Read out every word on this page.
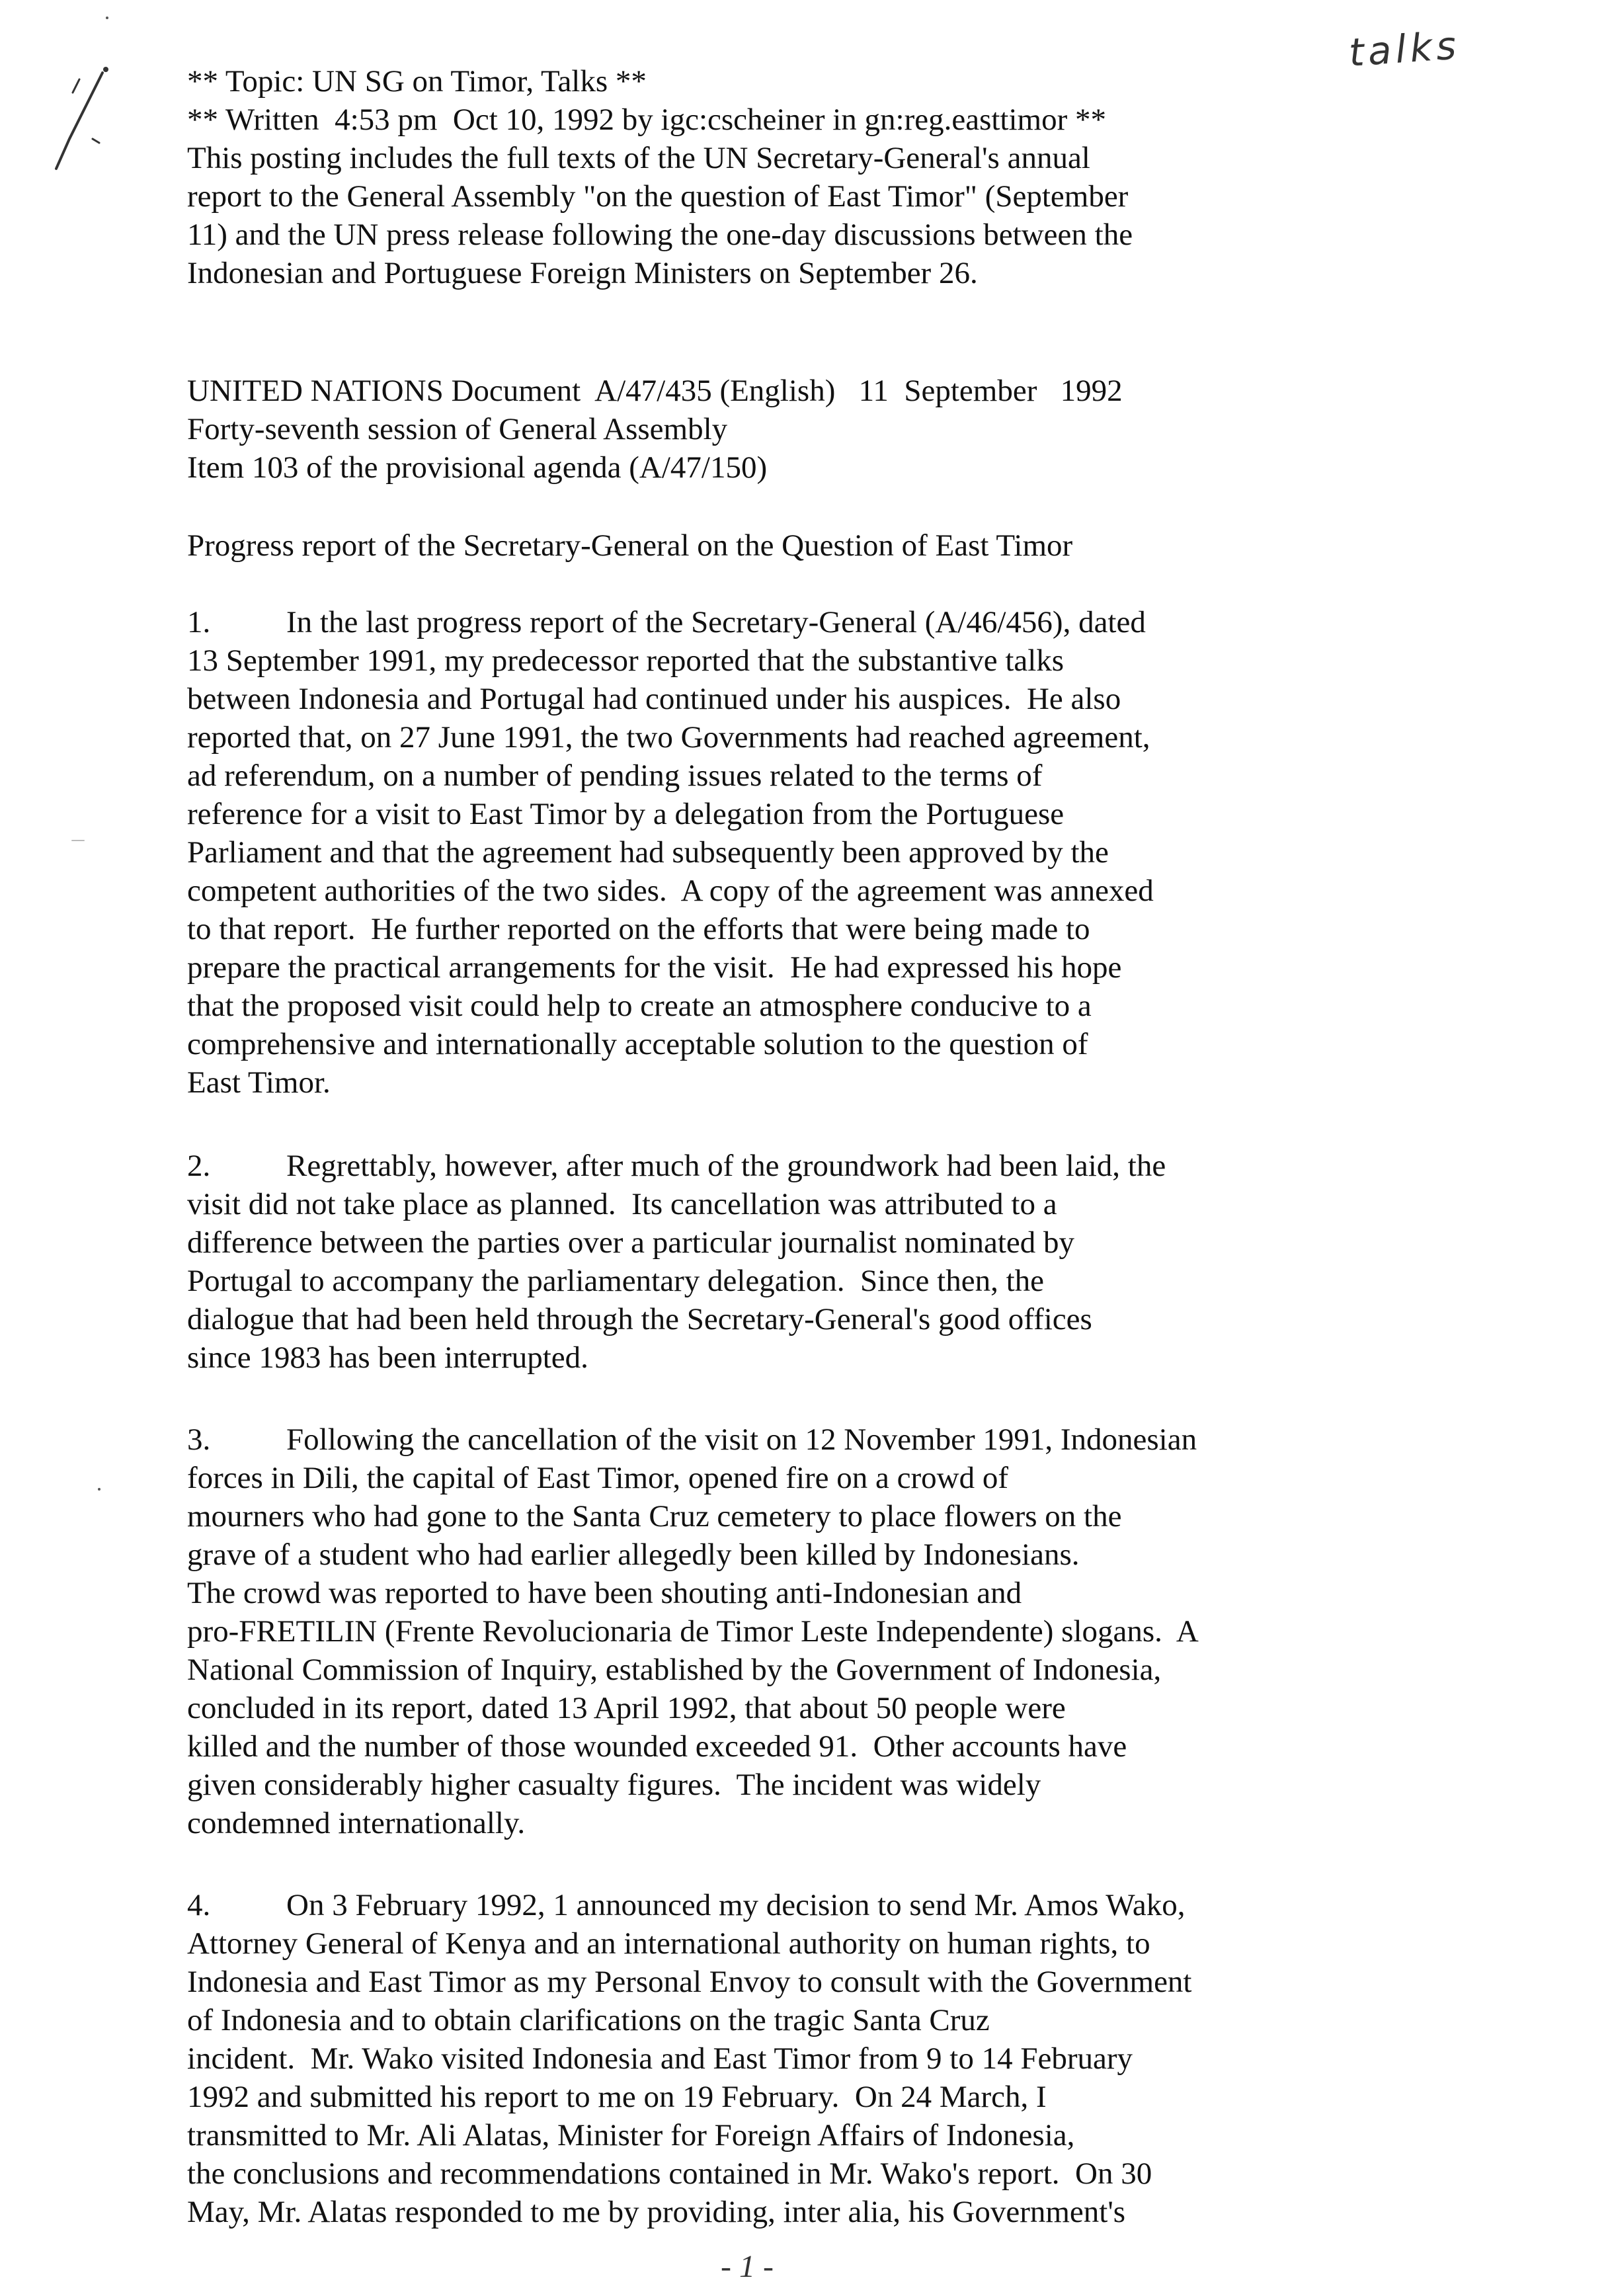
talks

** Topic: UN SG on Timor, Talks **

** Written  4:53 pm  Oct 10, 1992 by igc:cscheiner in gn:reg.easttimor **

This posting includes the full texts of the UN Secretary-General's annual

report to the General Assembly "on the question of East Timor" (September

11) and the UN press release following the one-day discussions between the

Indonesian and Portuguese Foreign Ministers on September 26.

UNITED NATIONS Document  A/47/435 (English)   11  September   1992

Forty-seventh session of General Assembly

Item 103 of the provisional agenda (A/47/150)

Progress report of the Secretary-General on the Question of East Timor

1. In the last progress report of the Secretary-General (A/46/456), dated

13 September 1991, my predecessor reported that the substantive talks

between Indonesia and Portugal had continued under his auspices.  He also

reported that, on 27 June 1991, the two Governments had reached agreement,

ad referendum, on a number of pending issues related to the terms of

reference for a visit to East Timor by a delegation from the Portuguese

Parliament and that the agreement had subsequently been approved by the

competent authorities of the two sides.  A copy of the agreement was annexed

to that report.  He further reported on the efforts that were being made to

prepare the practical arrangements for the visit.  He had expressed his hope

that the proposed visit could help to create an atmosphere conducive to a

comprehensive and internationally acceptable solution to the question of

East Timor.

2. Regrettably, however, after much of the groundwork had been laid, the

visit did not take place as planned.  Its cancellation was attributed to a

difference between the parties over a particular journalist nominated by

Portugal to accompany the parliamentary delegation.  Since then, the

dialogue that had been held through the Secretary-General's good offices

since 1983 has been interrupted.

3. Following the cancellation of the visit on 12 November 1991, Indonesian

forces in Dili, the capital of East Timor, opened fire on a crowd of

mourners who had gone to the Santa Cruz cemetery to place flowers on the

grave of a student who had earlier allegedly been killed by Indonesians.

The crowd was reported to have been shouting anti-Indonesian and

pro-FRETILIN (Frente Revolucionaria de Timor Leste Independente) slogans.  A

National Commission of Inquiry, established by the Government of Indonesia,

concluded in its report, dated 13 April 1992, that about 50 people were

killed and the number of those wounded exceeded 91.  Other accounts have

given considerably higher casualty figures.  The incident was widely

condemned internationally.

4. On 3 February 1992, 1 announced my decision to send Mr. Amos Wako,

Attorney General of Kenya and an international authority on human rights, to

Indonesia and East Timor as my Personal Envoy to consult with the Government

of Indonesia and to obtain clarifications on the tragic Santa Cruz

incident.  Mr. Wako visited Indonesia and East Timor from 9 to 14 February

1992 and submitted his report to me on 19 February.  On 24 March, I

transmitted to Mr. Ali Alatas, Minister for Foreign Affairs of Indonesia,

the conclusions and recommendations contained in Mr. Wako's report.  On 30

May, Mr. Alatas responded to me by providing, inter alia, his Government's

- 1 -
